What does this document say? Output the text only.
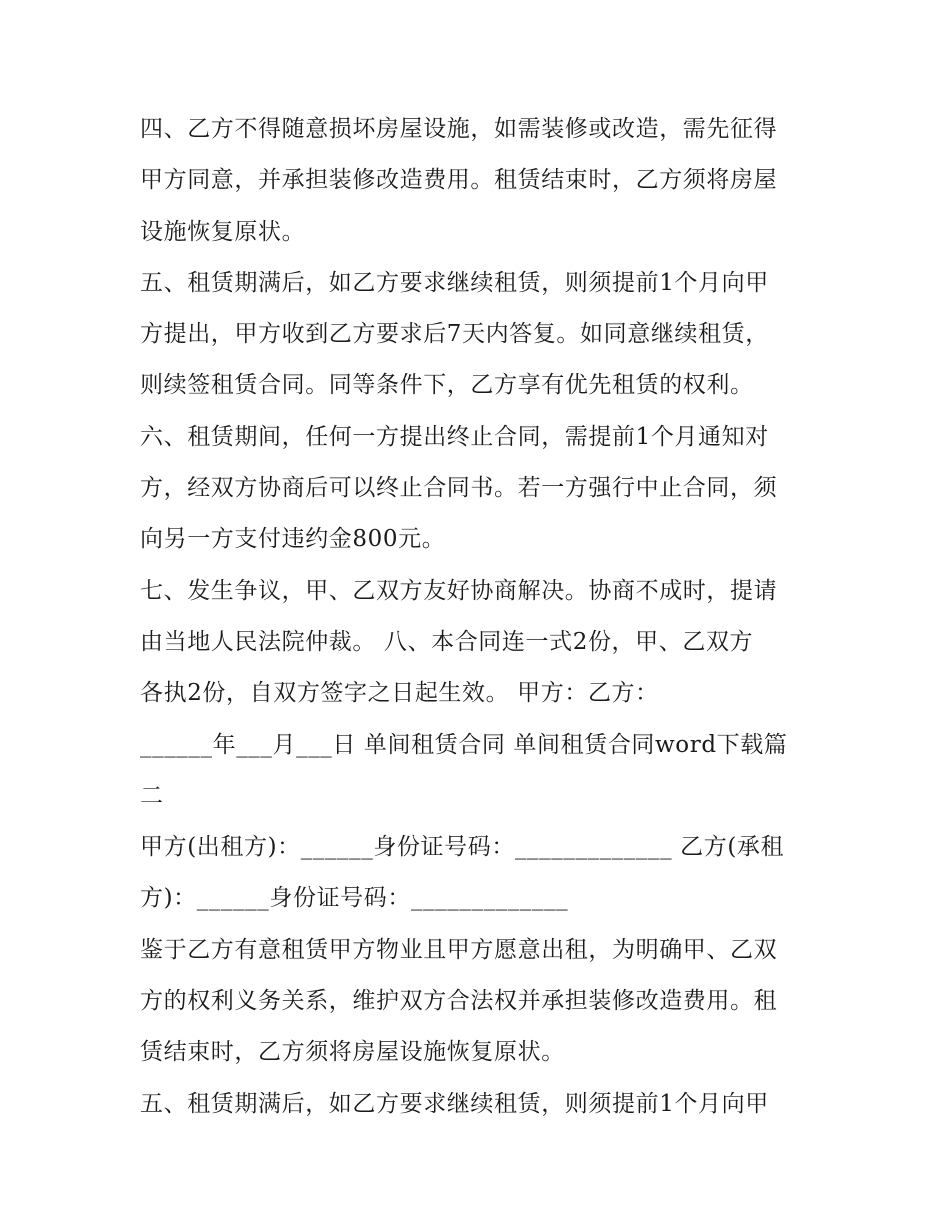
四、乙方不得随意损坏房屋设施，如需装修或改造，需先征得
甲方同意，并承担装修改造费用。租赁结束时，乙方须将房屋
设施恢复原状。
五、租赁期满后，如乙方要求继续租赁，则须提前1个月向甲
方提出，甲方收到乙方要求后7天内答复。如同意继续租赁，
则续签租赁合同。同等条件下，乙方享有优先租赁的权利。
六、租赁期间，任何一方提出终止合同，需提前1个月通知对
方，经双方协商后可以终止合同书。若一方强行中止合同，须
向另一方支付违约金800元。
七、发生争议，甲、乙双方友好协商解决。协商不成时，提请
由当地人民法院仲裁。 八、本合同连一式2份，甲、乙双方
各执2份，自双方签字之日起生效。 甲方：乙方：
______年___月___日 单间租赁合同 单间租赁合同word下载篇
二
甲方(出租方)：______身份证号码：_____________ 乙方(承租
方)：______身份证号码：_____________
鉴于乙方有意租赁甲方物业且甲方愿意出租，为明确甲、乙双
方的权利义务关系，维护双方合法权并承担装修改造费用。租
赁结束时，乙方须将房屋设施恢复原状。
五、租赁期满后，如乙方要求继续租赁，则须提前1个月向甲
